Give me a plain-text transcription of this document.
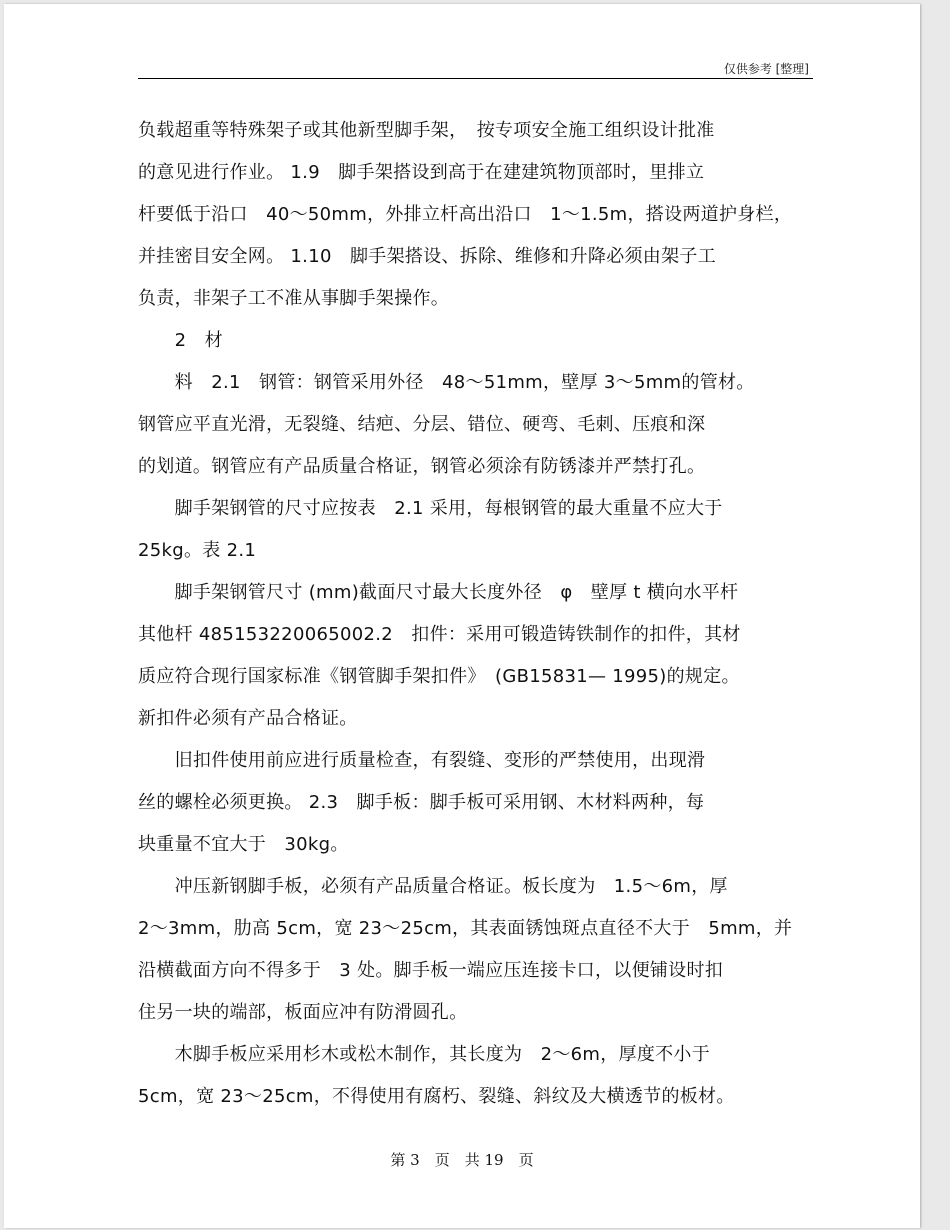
仅供参考 [整理]
负载超重等特殊架子或其他新型脚手架，　按专项安全施工组织设计批准
的意见进行作业。 1.9　脚手架搭设到高于在建建筑物顶部时，里排立
杆要低于沿口　40～50mm，外排立杆高出沿口　1～1.5m，搭设两道护身栏，
并挂密目安全网。 1.10　脚手架搭设、拆除、维修和升降必须由架子工
负责，非架子工不准从事脚手架操作。
　　2　材
　　料　2.1　钢管：钢管采用外径　48～51mm，壁厚 3～5mm的管材。
钢管应平直光滑，无裂缝、结疤、分层、错位、硬弯、毛刺、压痕和深
的划道。钢管应有产品质量合格证，钢管必须涂有防锈漆并严禁打孔。
　　脚手架钢管的尺寸应按表　2.1 采用，每根钢管的最大重量不应大于
25kg。表 2.1
　　脚手架钢管尺寸 (mm)截面尺寸最大长度外径　φ　壁厚 t 横向水平杆
其他杆 485153220065002.2　扣件：采用可锻造铸铁制作的扣件，其材
质应符合现行国家标准《钢管脚手架扣件》　(GB15831— 1995)的规定。
新扣件必须有产品合格证。
　　旧扣件使用前应进行质量检查，有裂缝、变形的严禁使用，出现滑
丝的螺栓必须更换。 2.3　脚手板：脚手板可采用钢、木材料两种，每
块重量不宜大于　30kg。
　　冲压新钢脚手板，必须有产品质量合格证。板长度为　1.5～6m，厚
2～3mm，肋高 5cm，宽 23～25cm，其表面锈蚀斑点直径不大于　5mm，并
沿横截面方向不得多于　3 处。脚手板一端应压连接卡口，以便铺设时扣
住另一块的端部，板面应冲有防滑圆孔。
　　木脚手板应采用杉木或松木制作，其长度为　2～6m，厚度不小于
5cm，宽 23～25cm，不得使用有腐朽、裂缝、斜纹及大横透节的板材。
第 3　页　共 19　页
